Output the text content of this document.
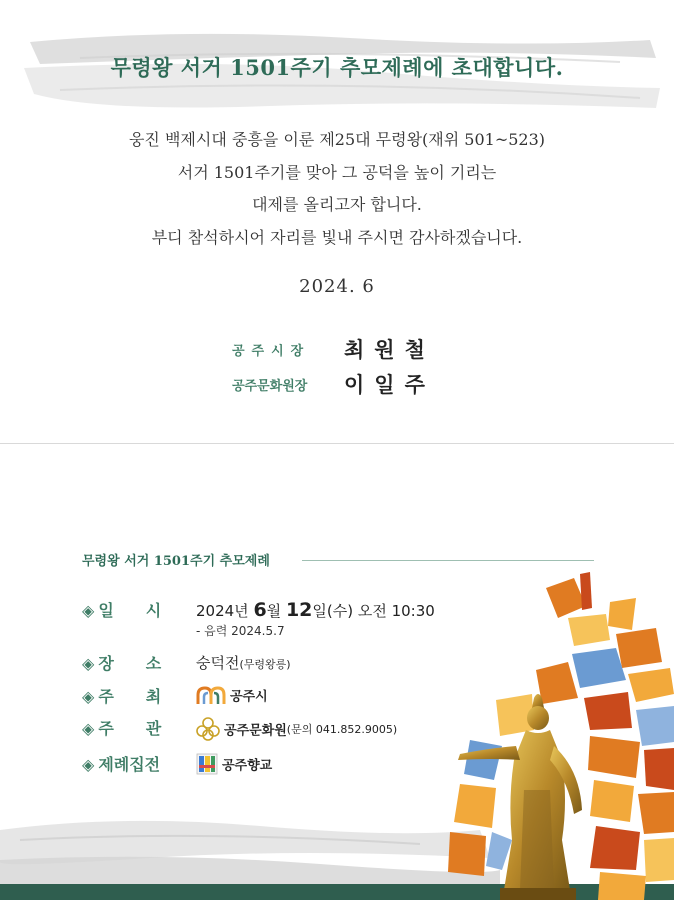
무령왕 서거 1501주기 추모제례에 초대합니다.

웅진 백제시대 중흥을 이룬 제25대 무령왕(재위 501~523)

서거 1501주기를 맞아 그 공덕을 높이 기리는

대제를 올리고자 합니다.

부디 참석하시어 자리를 빛내 주시면 감사하겠습니다.

2024. 6
공주시장	최원철
공주문화원장	이일주
무령왕 서거 1501주기 추모제례
◈ 일　　시	2024년 6월 12일(수) 오전 10:30
- 음력 2024.5.7
◈ 장　　소	숭덕전(무령왕릉)
◈ 주　　최	공주시
◈ 주　　관	공주문화원(문의 041.852.9005)
◈ 제례집전	공주향교
